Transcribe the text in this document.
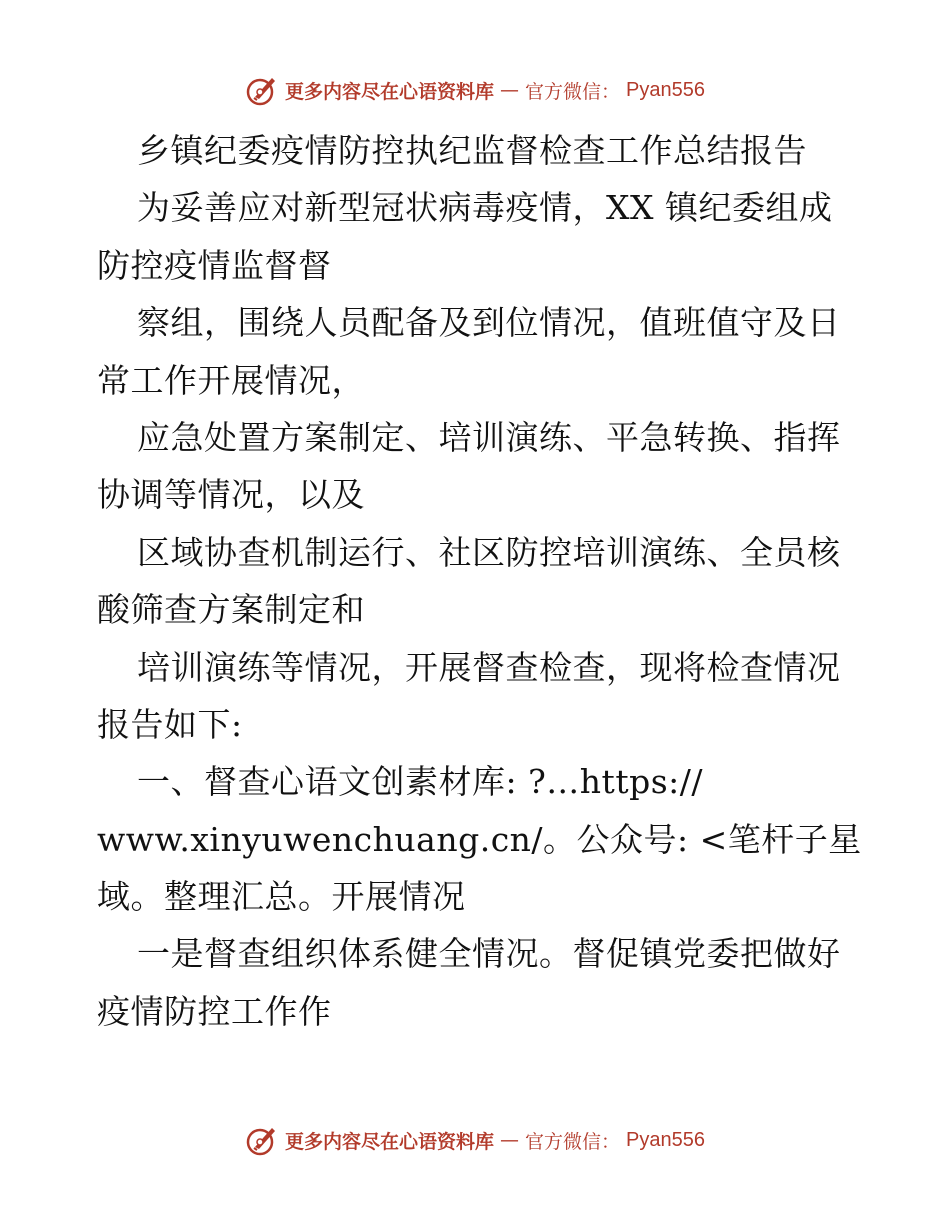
更多内容尽在心语资料库 — 官方微信： Pyan556
乡镇纪委疫情防控执纪监督检查工作总结报告
为妥善应对新型冠状病毒疫情，XX 镇纪委组成
防控疫情监督督
察组，围绕人员配备及到位情况，值班值守及日
常工作开展情况，
应急处置方案制定、培训演练、平急转换、指挥
协调等情况，以及
区域协查机制运行、社区防控培训演练、全员核
酸筛查方案制定和
培训演练等情况，开展督查检查，现将检查情况
报告如下:
一、督查心语文创素材库: ?…https://
www.xinyuwenchuang.cn/。公众号: <笔杆子星
域。整理汇总。开展情况
一是督查组织体系健全情况。督促镇党委把做好
疫情防控工作作
更多内容尽在心语资料库 — 官方微信： Pyan556
